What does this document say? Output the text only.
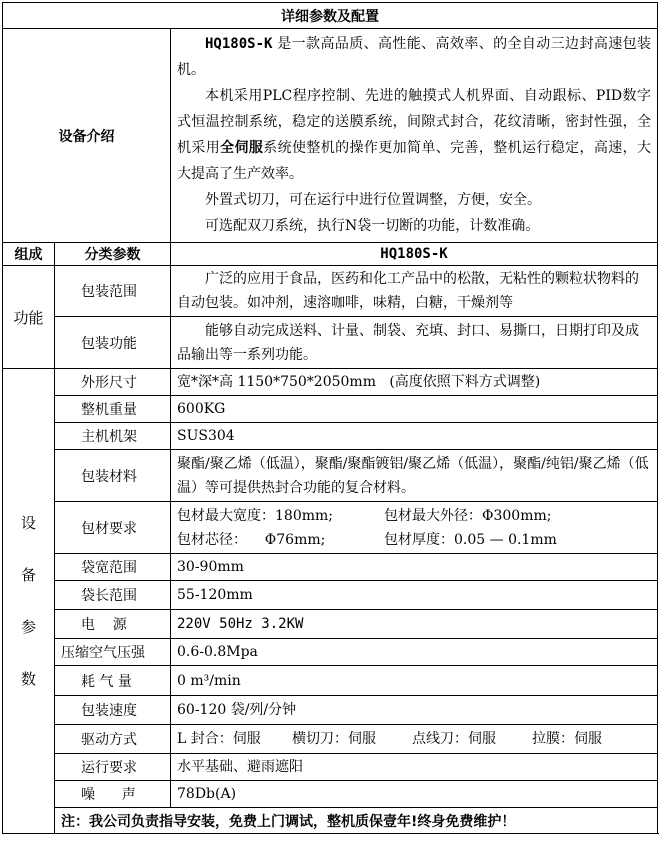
详细参数及配置		
设备介绍		HQ180S-K 是一款高品质、高性能、高效率、的全自动三边封高速包装机。

本机采用PLC程序控制、先进的触摸式人机界面、自动跟标、PID数字式恒温控制系统，稳定的送膜系统，间隙式封合，花纹清晰，密封性强，全机采用全伺服系统使整机的操作更加简单、完善，整机运行稳定，高速，大大提高了生产效率。

外置式切刀，可在运行中进行位置调整，方便，安全。

可选配双刀系统，执行N袋一切断的功能，计数准确。

组成	分类参数	HQ180S-K
功能	包装范围	广泛的应用于食品，医药和化工产品中的松散，无粘性的颗粒状物料的自动包装。如冲剂，速溶咖啡，味精，白糖，干燥剂等

	包装功能	能够自动完成送料、计量、制袋、充填、封口、易撕口，日期打印及成品输出等一系列功能。

设
备
参
数	外形尺寸	宽*深*高 1150*750*2050mm   (高度依照下料方式调整)
	整机重量	600KG
	主机机架	SUS304
	包装材料	聚酯/聚乙烯（低温），聚酯/聚酯镀铝/聚乙烯（低温），聚酯/纯铝/聚乙烯（低温）等可提供热封合功能的复合材料。
	包材要求	包材最大宽度：180mm; 包材最大外径：Φ300mm;
包材芯径：    Φ76mm; 包材厚度：0.05 — 0.1mm

	袋宽范围	30-90mm
	袋长范围	55-120mm
	电    源	220V 50Hz 3.2KW
	压缩空气压强	0.6-0.8Mpa
	耗 气 量	0 m³/min
	包装速度	60-120 袋/列/分钟
	驱动方式	L 封合：伺服 横切刀：伺服 点线刀：伺服 拉膜：伺服

	运行要求	水平基础、避雨遮阳
	噪      声	78Db(A)
	注：我公司负责指导安装，免费上门调试，整机质保壹年!终身免费维护！	
